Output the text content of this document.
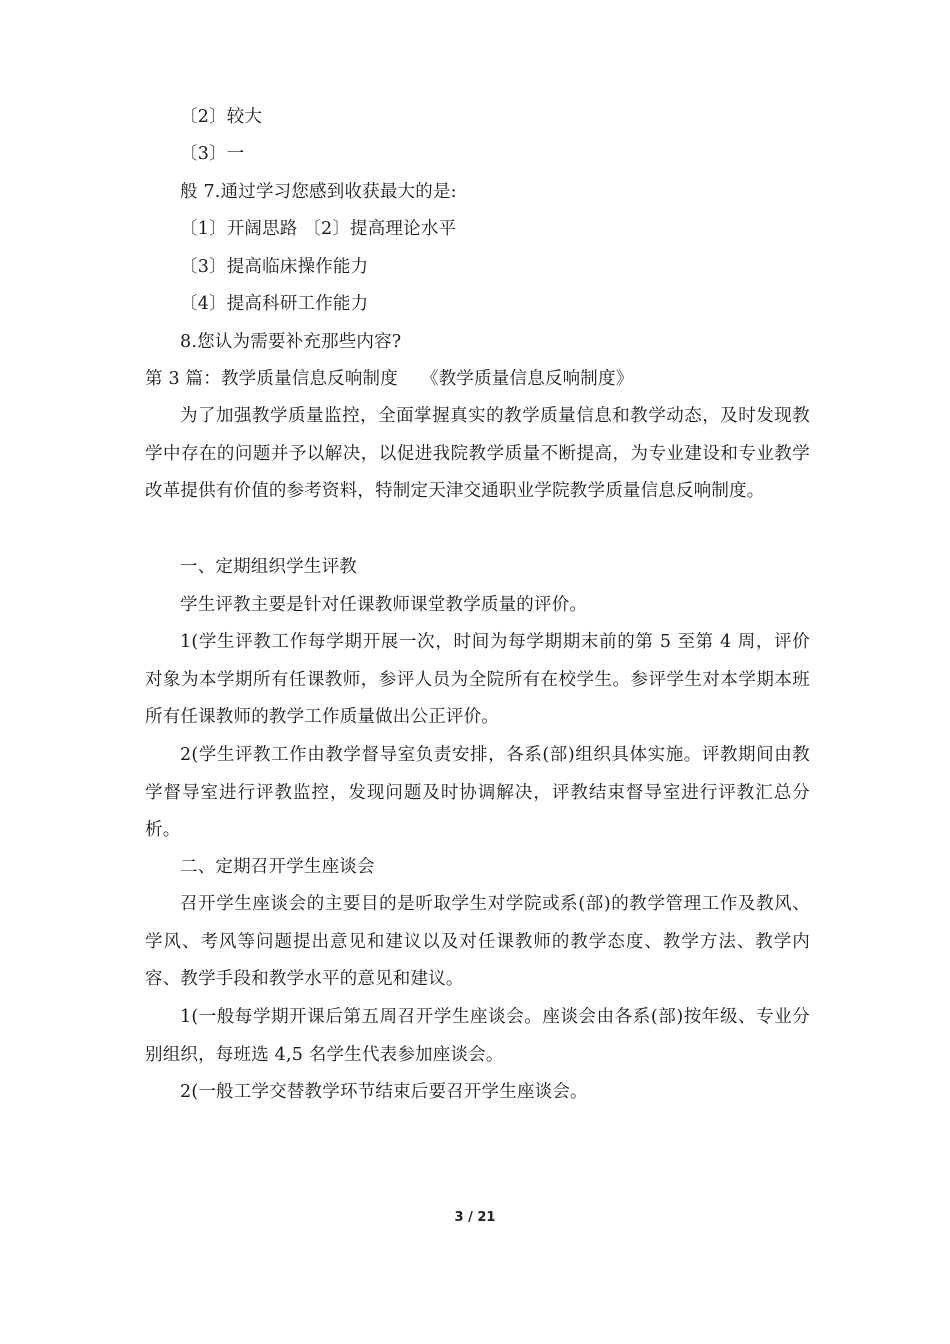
〔2〕较大
〔3〕一
般 7.通过学习您感到收获最大的是:
〔1〕开阔思路 〔2〕提高理论水平
〔3〕提高临床操作能力
〔4〕提高科研工作能力
8.您认为需要补充那些内容?
第 3 篇：教学质量信息反响制度    《教学质量信息反响制度》
为了加强教学质量监控，全面掌握真实的教学质量信息和教学动态，及时发现教学中存在的问题并予以解决，以促进我院教学质量不断提高，为专业建设和专业教学改革提供有价值的参考资料，特制定天津交通职业学院教学质量信息反响制度。
一、定期组织学生评教
学生评教主要是针对任课教师课堂教学质量的评价。
1(学生评教工作每学期开展一次，时间为每学期期末前的第 5 至第 4 周，评价对象为本学期所有任课教师，参评人员为全院所有在校学生。参评学生对本学期本班所有任课教师的教学工作质量做出公正评价。
2(学生评教工作由教学督导室负责安排，各系(部)组织具体实施。评教期间由教学督导室进行评教监控，发现问题及时协调解决，评教结束督导室进行评教汇总分析。
二、定期召开学生座谈会
召开学生座谈会的主要目的是听取学生对学院或系(部)的教学管理工作及教风、学风、考风等问题提出意见和建议以及对任课教师的教学态度、教学方法、教学内容、教学手段和教学水平的意见和建议。
1(一般每学期开课后第五周召开学生座谈会。座谈会由各系(部)按年级、专业分别组织，每班选 4,5 名学生代表参加座谈会。
2(一般工学交替教学环节结束后要召开学生座谈会。
3 / 21
